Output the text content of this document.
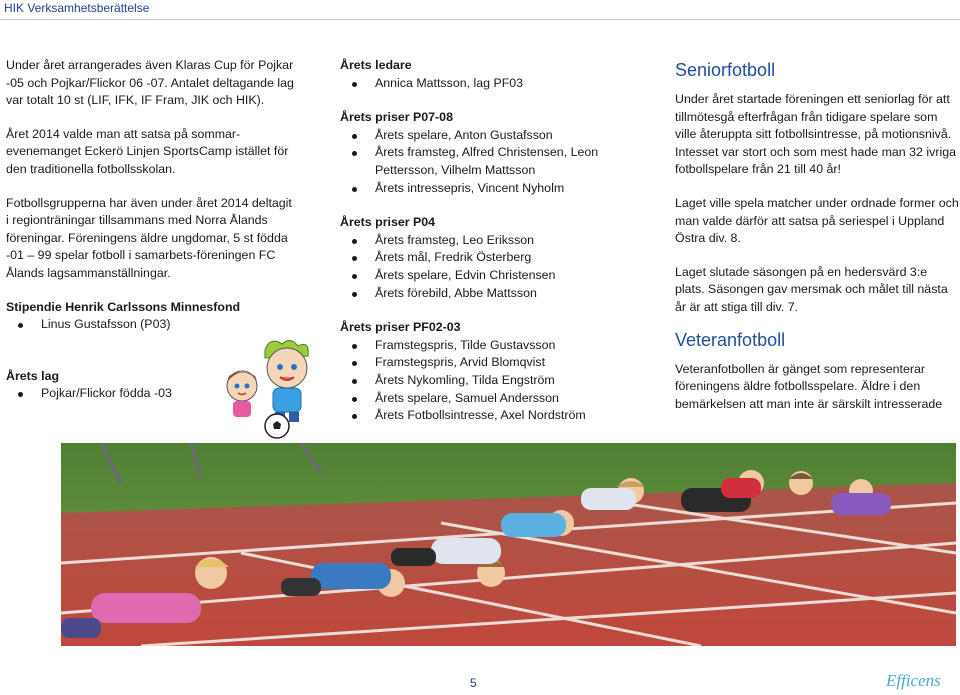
HIK Verksamhetsberättelse

Under året arrangerades även Klaras Cup för Pojkar -05 och Pojkar/Flickor 06 -07. Antalet deltagande lag var totalt 10 st (LIF, IFK, IF Fram, JIK och HIK).

Året 2014 valde man att satsa på sommar-evenemanget Eckerö Linjen SportsCamp istället för den traditionella fotbollsskolan.

Fotbollsgrupperna har även under året 2014 deltagit i regionträningar tillsammans med Norra Ålands föreningar. Föreningens äldre ungdomar, 5 st födda -01 – 99 spelar fotboll i samarbets-föreningen FC Ålands lagsammanställningar.

Stipendie Henrik Carlssons Minnesfond

Linus Gustafsson (P03)

Årets lag

Pojkar/Flickor födda -03

Årets ledare

Annica Mattsson, lag PF03

Årets priser P07-08

Årets spelare, Anton Gustafsson
Årets framsteg, Alfred Christensen, Leon Pettersson, Vilhelm Mattsson
Årets intressepris, Vincent Nyholm

Årets priser P04

Årets framsteg, Leo Eriksson
Årets mål, Fredrik Österberg
Årets spelare, Edvin Christensen
Årets förebild, Abbe Mattsson

Årets priser PF02-03

Framstegspris, Tilde Gustavsson
Framstegspris, Arvid Blomqvist
Årets Nykomling, Tilda Engström
Årets spelare, Samuel Andersson
Årets Fotbollsintresse, Axel Nordström

Seniorfotboll

Under året startade föreningen ett seniorlag för att tillmötesgå efterfrågan från tidigare spelare som ville återuppta sitt fotbollsintresse, på motionsnivå. Intesset var stort och som mest hade man 32 ivriga fotbollspelare från 21 till 40 år!

Laget ville spela matcher under ordnade former och man valde därför att satsa på seriespel i Uppland Östra div. 8.

Laget slutade säsongen på en hedersvärd 3:e plats. Säsongen gav mersmak och målet till nästa år är att stiga till div. 7.

Veteranfotboll

Veteranfotbollen är gänget som representerar föreningens äldre fotbollsspelare. Äldre i den bemärkelsen att man inte är särskilt intresserade

5	Efficens
